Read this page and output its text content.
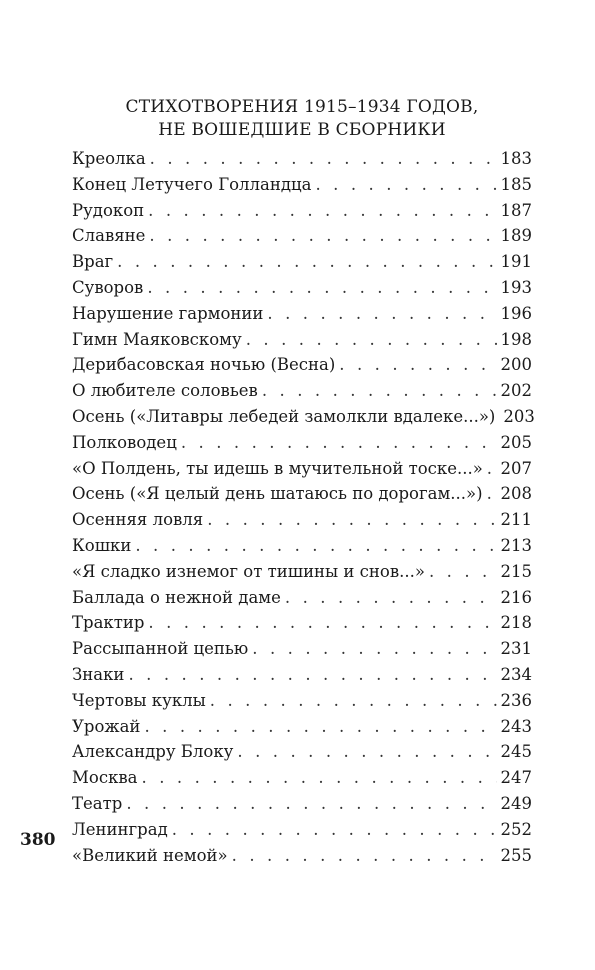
СТИХОТВОРЕНИЯ 1915–1934 ГОДОВ,
НЕ ВОШЕДШИЕ В СБОРНИКИ
Креолка . . .	183
Конец Летучего Голландца . . .	185
Рудокоп . . .	187
Славяне . . .	189
Враг . . .	191
Суворов . . .	193
Нарушение гармонии . . .	196
Гимн Маяковскому . . .	198
Дерибасовская ночью (Весна) . . .	200
О любителе соловьев . . .	202
Осень («Литавры лебедей замолкли вдалеке...») 203
Полководец . . .	205
«О Полдень, ты идешь в мучительной тоске...» . . . 207
Осень («Я целый день шатаюсь по дорогам...») . . . 208
Осенняя ловля . . .	211
Кошки . . .	213
«Я сладко изнемог от тишины и снов...» . . .	215
Баллада о нежной даме . . .	216
Трактир . . .	218
Рассыпанной цепью . . .	231
Знаки . . .	234
Чертовы куклы . . .	236
Урожай . . .	243
Александру Блоку . . .	245
Москва . . .	247
Театр . . .	249
Ленинград . . .	252
«Великий немой» . . .	255
380
